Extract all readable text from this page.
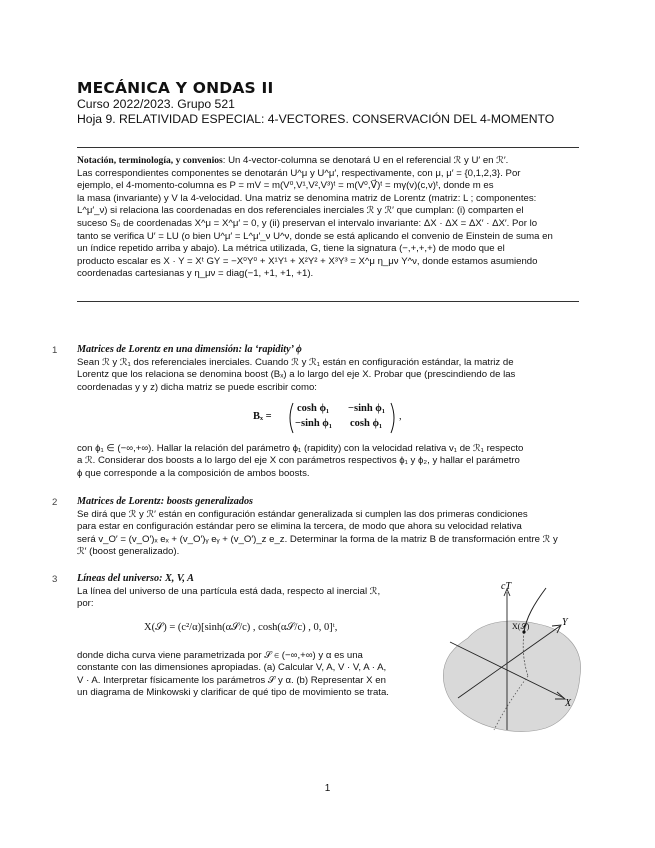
MECÁNICA Y ONDAS II
Curso 2022/2023. Grupo 521
Hoja 9. RELATIVIDAD ESPECIAL: 4-VECTORES. CONSERVACIÓN DEL 4-MOMENTO
Notación, terminología, y convenios: Un 4-vector-columna se denotará U en el referencial ℛ y U′ en ℛ′.
Las correspondientes componentes se denotarán U^μ y U^μ′, respectivamente, con μ, μ′ = {0,1,2,3}. Por
ejemplo, el 4-momento-columna es P = mV = m(V⁰,V¹,V²,V³)ᵗ = m(V⁰,V⃗)ᵗ = mγ(v)(c,v)ᵗ, donde m es
la masa (invariante) y V la 4-velocidad. Una matriz se denomina matriz de Lorentz (matriz: L ; componentes:
L^μ′_ν) si relaciona las coordenadas en dos referenciales inerciales ℛ y ℛ′ que cumplan: (i) comparten el
suceso S₀ de coordenadas X^μ = X^μ′ = 0, y (ii) preservan el intervalo invariante: ΔX · ΔX = ΔX′ · ΔX′. Por lo
tanto se verifica U′ = LU (o bien U^μ′ = L^μ′_ν U^ν, donde se está aplicando el convenio de Einstein de suma en
un índice repetido arriba y abajo). La métrica utilizada, G, tiene la signatura (−,+,+,+) de modo que el
producto escalar es X · Y = Xᵗ GY = −X⁰Y⁰ + X¹Y¹ + X²Y² + X³Y³ = X^μ η_μν Y^ν, donde estamos asumiendo
coordenadas cartesianas y η_μν = diag(−1, +1, +1, +1).
1 Matrices de Lorentz en una dimensión: la ‘rapidity’ ϕ
Sean ℛ y ℛ₁ dos referenciales inerciales. Cuando ℛ y ℛ₁ están en configuración estándar, la matriz de
Lorentz que los relaciona se denomina boost (Bₓ) a lo largo del eje X. Probar que (prescindiendo de las
coordenadas y y z) dicha matriz se puede escribir como:
Bₓ =
cosh ϕ₁ −sinh ϕ₁
−sinh ϕ₁ cosh ϕ₁
,
con ϕ₁ ∈ (−∞,+∞). Hallar la relación del parámetro ϕ₁ (rapidity) con la velocidad relativa v₁ de ℛ₁ respecto
a ℛ. Considerar dos boosts a lo largo del eje X con parámetros respectivos ϕ₁ y ϕ₂, y hallar el parámetro
ϕ que corresponde a la composición de ambos boosts.
2 Matrices de Lorentz: boosts generalizados
Se dirá que ℛ y ℛ′ están en configuración estándar generalizada si cumplen las dos primeras condiciones
para estar en configuración estándar pero se elimina la tercera, de modo que ahora su velocidad relativa
será v_O′ = (v_O′)ₓ eₓ + (v_O′)ᵧ eᵧ + (v_O′)_z e_z. Determinar la forma de la matriz B de transformación entre ℛ y
ℛ′ (boost generalizado).
3 Líneas del universo: X, V, A
La línea del universo de una partícula está dada, respecto al inercial ℛ,
por:
X(𝒮) = (c²/α)[sinh(α𝒮/c) , cosh(α𝒮/c) , 0, 0]ᵗ,
donde dicha curva viene parametrizada por 𝒮 ∈ (−∞,+∞) y α es una
constante con las dimensiones apropiadas. (a) Calcular V, A, V · V, A · A,
V · A. Interpretar físicamente los parámetros 𝒮 y α. (b) Representar X en
un diagrama de Minkowski y clarificar de qué tipo de movimiento se trata.
cT
X
Y
X(𝒮)
1
